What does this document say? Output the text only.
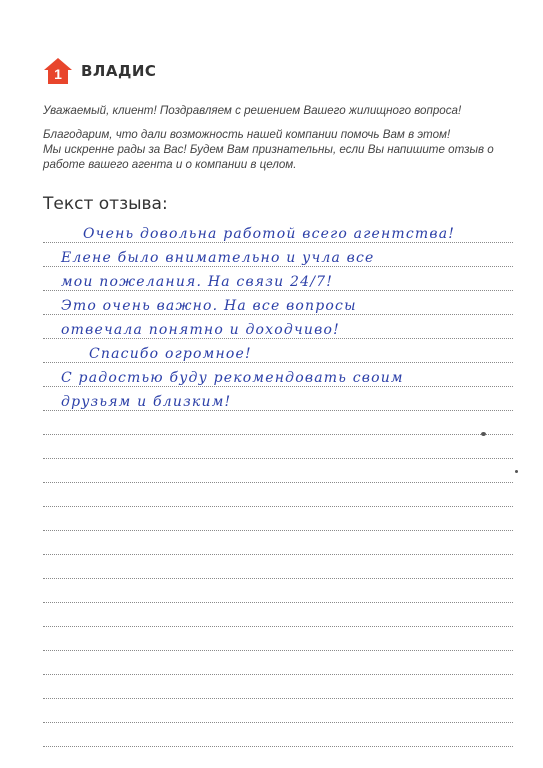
1 ВЛАДИС

Уважаемый, клиент! Поздравляем с решением Вашего жилищного вопроса!

Благодарим, что дали возможность нашей компании помочь Вам в этом!

Мы искренне рады за Вас! Будем Вам признательны, если Вы напишите отзыв о работе вашего агента и о компании в целом.

Текст отзыва:
Очень довольна работой всего агентства!
Елене было внимательно и учла все
мои пожелания. На связи 24/7!
Это очень важно. На все вопросы
отвечала понятно и доходчиво!
Спасибо огромное!
С радостью буду рекомендовать своим
друзьям и близким!
